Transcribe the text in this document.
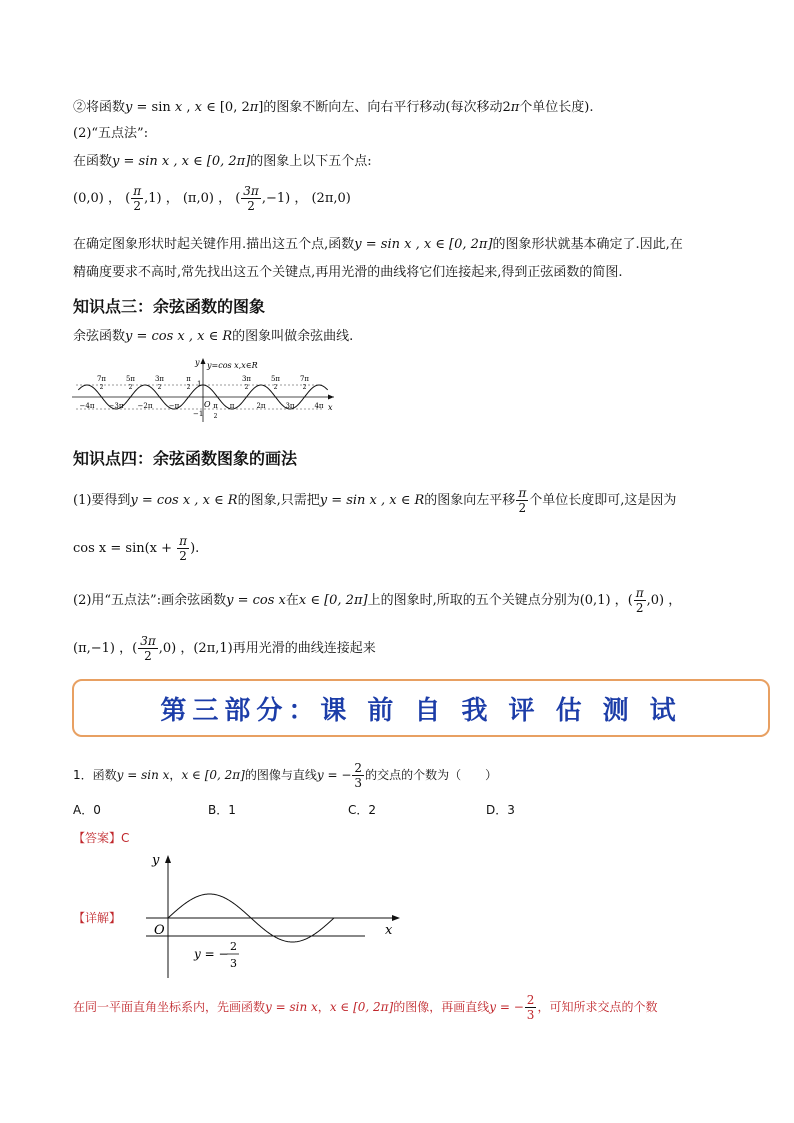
②将函数y = sin x , x ∈ [0, 2π]的图象不断向左、向右平行移动(每次移动2π个单位长度).
(2)“五点法”:
在函数y = sin x , x ∈ [0, 2π]的图象上以下五个点:
(0,0) ， ( $\frac{\pi}{2} ,1$) ， (π,0) ， ( $\frac{3\pi}{2} ,-1$) ， (2π,0)
在确定图象形状时起关键作用.描出这五个点,函数y = sin x , x ∈ [0, 2π]的图象形状就基本确定了.因此,在
精确度要求不高时,常先找出这五个关键点,再用光滑的曲线将它们连接起来,得到正弦函数的简图.
知识点三：余弦函数的图象
余弦函数y = cos x , x ∈ R的图象叫做余弦曲线.
y=cos x,x∈R
y
x
O
1
−1
7π
2
5π
2
3π
2
π
2
3π
2
5π
2
7π
2
−4π −3π −2π −π	π	2π	3π	4π
π
2
知识点四：余弦函数图象的画法
(1)要得到y = cos x , x ∈ R的图象,只需把y = sin x , x ∈ R的图象向左平移 $\frac{\pi}{2}$ 个单位长度即可,这是因为
$\cos x = \sin(x + \frac{\pi}{2}$ ).
(2)用“五点法”:画余弦函数y = cos x在x ∈ [0, 2π]上的图象时,所取的五个关键点分别为(0,1) ，( $\frac{\pi}{2} ,0$) ，
(π,−1) ，( $\frac{3\pi}{2} ,0$) ，(2π,1)再用光滑的曲线连接起来
第三部分：课 前 自 我 评 估 测 试
1．函数y = sin x，x ∈ [0, 2π]的图像与直线y = − $\frac{2}{3}$ 的交点的个数为（　　）
A．0	B．1	C．2	D．3
【答案】C
【详解】
y
x
O
y = −
2
3
在同一平面直角坐标系内，先画函数y = sin x，x ∈ [0, 2π]的图像，再画直线y = − $\frac{2}{3}$ ，可知所求交点的个数
